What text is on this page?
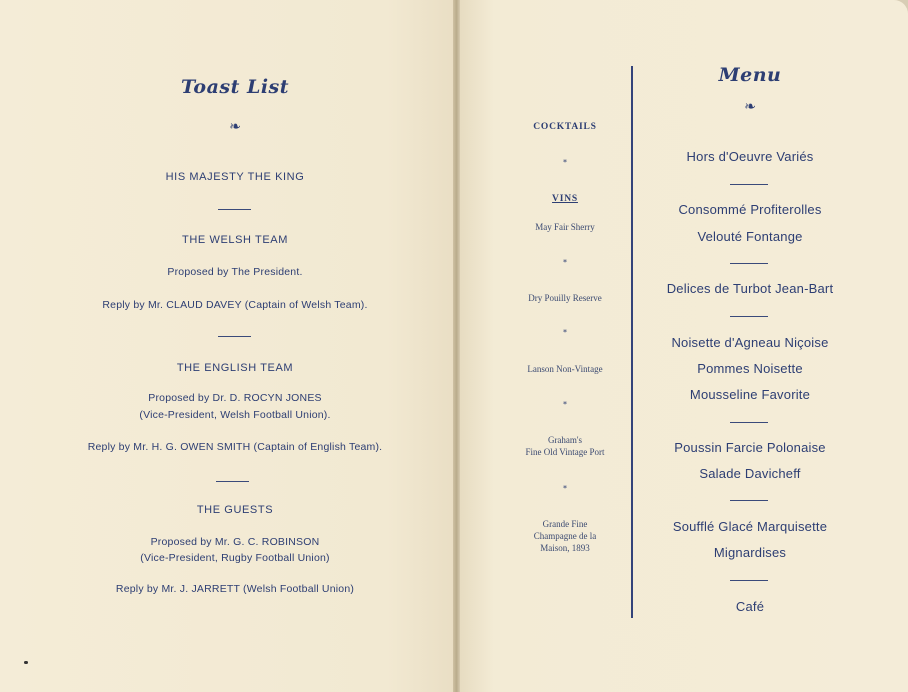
Toast List
❧
HIS MAJESTY THE KING
THE WELSH TEAM
Proposed by The President.
Reply by Mr. CLAUD DAVEY (Captain of Welsh Team).
THE ENGLISH TEAM
Proposed by Dr. D. ROCYN JONES
(Vice-President, Welsh Football Union).
Reply by Mr. H. G. OWEN SMITH (Captain of English Team).
THE GUESTS
Proposed by Mr. G. C. ROBINSON
(Vice-President, Rugby Football Union)
Reply by Mr. J. JARRETT (Welsh Football Union)
COCKTAILS
*
VINS
May Fair Sherry
*
Dry Pouilly Reserve
*
Lanson Non-Vintage
*
Graham's
Fine Old Vintage Port
*
Grande Fine
Champagne de la
Maison, 1893
Menu
❧
Hors d'Oeuvre Variés
Consommé Profiterolles
Velouté Fontange
Delices de Turbot Jean-Bart
Noisette d'Agneau Niçoise
Pommes Noisette
Mousseline Favorite
Poussin Farcie Polonaise
Salade Davicheff
Soufflé Glacé Marquisette
Mignardises
Café
